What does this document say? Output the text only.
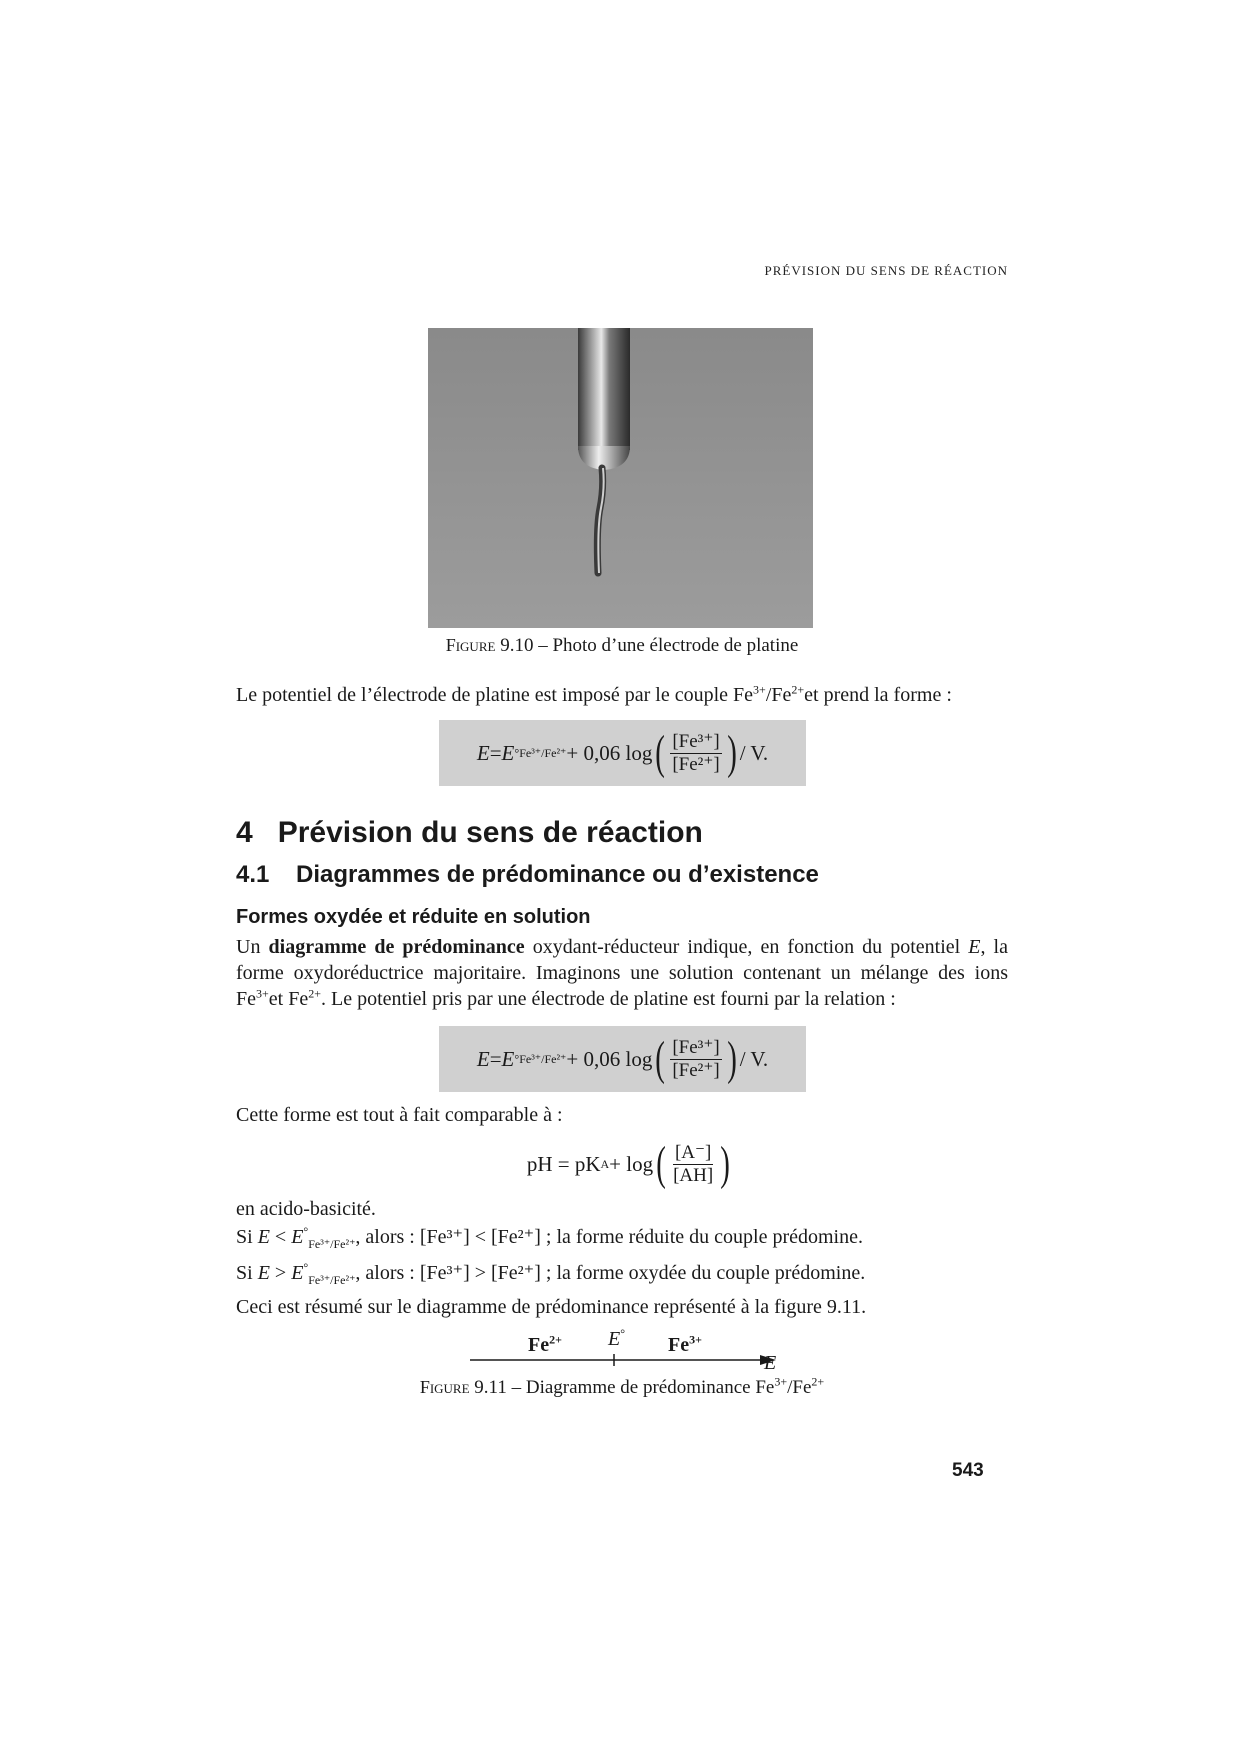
PRÉVISION DU SENS DE RÉACTION
Figure 9.10 – Photo d’une électrode de platine
Le potentiel de l’électrode de platine est imposé par le couple $Fe^{3+}/Fe^{2+}et$ prend la forme :
E = E ° Fe³⁺/Fe²⁺ + 0,06 log ( $\frac{\text{[Fe³⁺]}}{\text{[Fe²⁺]}}$ ) / V.
4 Prévision du sens de réaction
4.1 Diagrammes de prédominance ou d’existence
Formes oxydée et réduite en solution
Un diagramme de prédominance oxydant-réducteur indique, en fonction du potentiel E, la forme oxydoréductrice majoritaire. Imaginons une solution contenant un mélange des ions $Fe^{3+}et$ $Fe^{2+}$. Le potentiel pris par une électrode de platine est fourni par la relation :
E = E ° Fe³⁺/Fe²⁺ + 0,06 log ( $\frac{\text{[Fe³⁺]}}{\text{[Fe²⁺]}}$ ) / V.
Cette forme est tout à fait comparable à :
pH = pK A + log ( $\frac{[A^-]}{[AH]}$ )
en acido-basicité.
Si $E < E^\circ_{Fe^{3+}/Fe^{2+}}$, alors : [Fe³⁺] < [Fe²⁺] ; la forme réduite du couple prédomine.
Si $E > E^\circ_{Fe^{3+}/Fe^{2+}}$, alors : [Fe³⁺] > [Fe²⁺] ; la forme oxydée du couple prédomine.
Ceci est résumé sur le diagramme de prédominance représenté à la figure 9.11.
$Fe^{2+}$ E°
$Fe^{3+}$
E
Figure 9.11 – Diagramme de prédominance $Fe^{3+}/Fe^{2+}$
543
